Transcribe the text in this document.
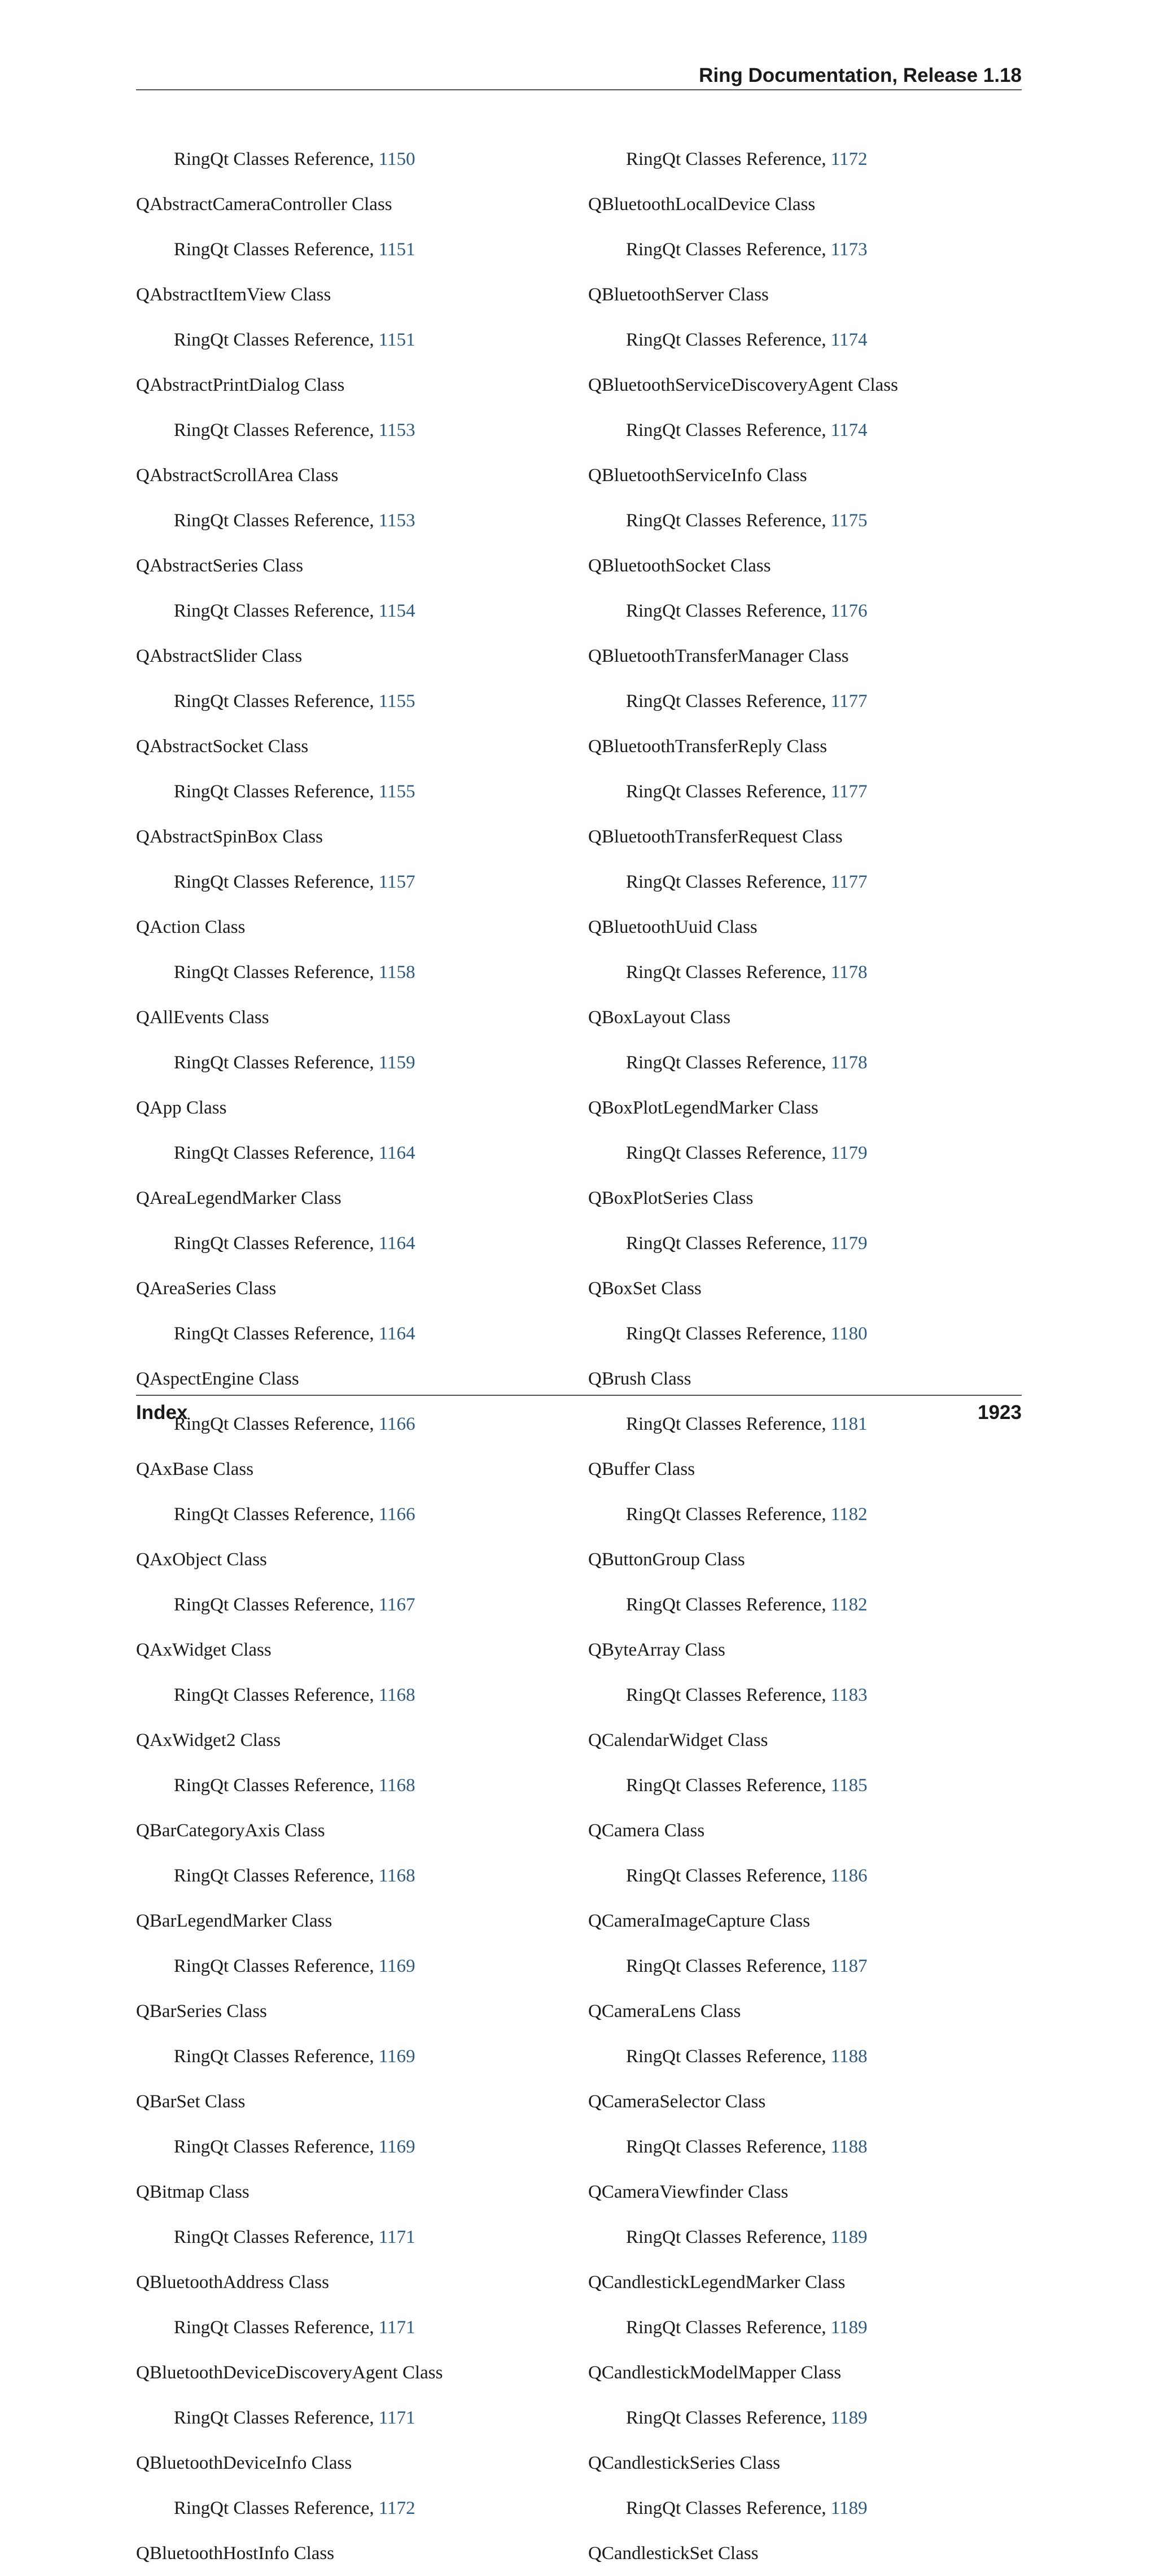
Ring Documentation, Release 1.18
RingQt Classes Reference, 1150
QAbstractCameraController Class
RingQt Classes Reference, 1151
QAbstractItemView Class
RingQt Classes Reference, 1151
QAbstractPrintDialog Class
RingQt Classes Reference, 1153
QAbstractScrollArea Class
RingQt Classes Reference, 1153
QAbstractSeries Class
RingQt Classes Reference, 1154
QAbstractSlider Class
RingQt Classes Reference, 1155
QAbstractSocket Class
RingQt Classes Reference, 1155
QAbstractSpinBox Class
RingQt Classes Reference, 1157
QAction Class
RingQt Classes Reference, 1158
QAllEvents Class
RingQt Classes Reference, 1159
QApp Class
RingQt Classes Reference, 1164
QAreaLegendMarker Class
RingQt Classes Reference, 1164
QAreaSeries Class
RingQt Classes Reference, 1164
QAspectEngine Class
RingQt Classes Reference, 1166
QAxBase Class
RingQt Classes Reference, 1166
QAxObject Class
RingQt Classes Reference, 1167
QAxWidget Class
RingQt Classes Reference, 1168
QAxWidget2 Class
RingQt Classes Reference, 1168
QBarCategoryAxis Class
RingQt Classes Reference, 1168
QBarLegendMarker Class
RingQt Classes Reference, 1169
QBarSeries Class
RingQt Classes Reference, 1169
QBarSet Class
RingQt Classes Reference, 1169
QBitmap Class
RingQt Classes Reference, 1171
QBluetoothAddress Class
RingQt Classes Reference, 1171
QBluetoothDeviceDiscoveryAgent Class
RingQt Classes Reference, 1171
QBluetoothDeviceInfo Class
RingQt Classes Reference, 1172
QBluetoothHostInfo Class
RingQt Classes Reference, 1172
QBluetoothLocalDevice Class
RingQt Classes Reference, 1173
QBluetoothServer Class
RingQt Classes Reference, 1174
QBluetoothServiceDiscoveryAgent Class
RingQt Classes Reference, 1174
QBluetoothServiceInfo Class
RingQt Classes Reference, 1175
QBluetoothSocket Class
RingQt Classes Reference, 1176
QBluetoothTransferManager Class
RingQt Classes Reference, 1177
QBluetoothTransferReply Class
RingQt Classes Reference, 1177
QBluetoothTransferRequest Class
RingQt Classes Reference, 1177
QBluetoothUuid Class
RingQt Classes Reference, 1178
QBoxLayout Class
RingQt Classes Reference, 1178
QBoxPlotLegendMarker Class
RingQt Classes Reference, 1179
QBoxPlotSeries Class
RingQt Classes Reference, 1179
QBoxSet Class
RingQt Classes Reference, 1180
QBrush Class
RingQt Classes Reference, 1181
QBuffer Class
RingQt Classes Reference, 1182
QButtonGroup Class
RingQt Classes Reference, 1182
QByteArray Class
RingQt Classes Reference, 1183
QCalendarWidget Class
RingQt Classes Reference, 1185
QCamera Class
RingQt Classes Reference, 1186
QCameraImageCapture Class
RingQt Classes Reference, 1187
QCameraLens Class
RingQt Classes Reference, 1188
QCameraSelector Class
RingQt Classes Reference, 1188
QCameraViewfinder Class
RingQt Classes Reference, 1189
QCandlestickLegendMarker Class
RingQt Classes Reference, 1189
QCandlestickModelMapper Class
RingQt Classes Reference, 1189
QCandlestickSeries Class
RingQt Classes Reference, 1189
QCandlestickSet Class
Index	1923
